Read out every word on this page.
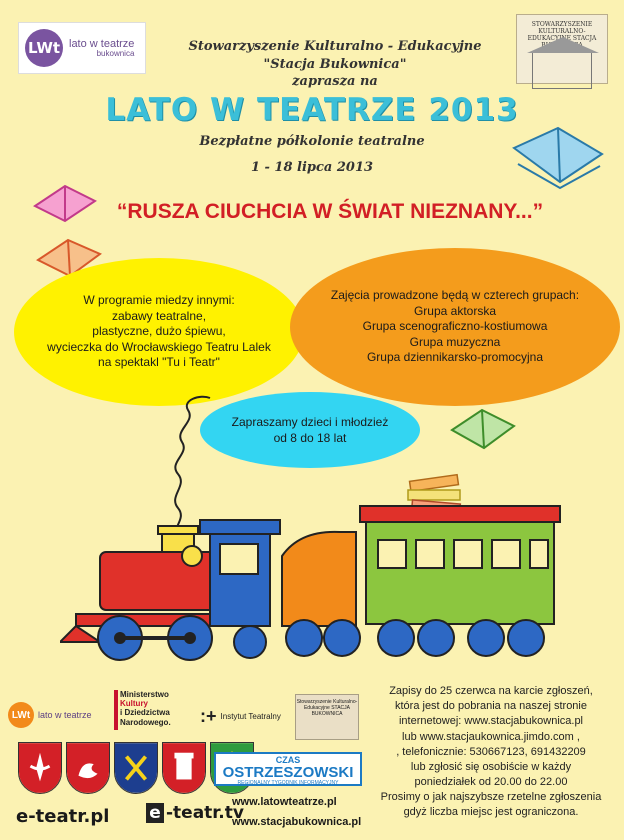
LWt lato w teatrze
bukownica
STOWARZYSZENIE KULTURALNO-EDUKACYJNE STACJA BUKOWNICA
Stowarzyszenie Kulturalno - Edukacyjne
"Stacja Bukownica"
zaprasza na
LATO W TEATRZE 2013
Bezpłatne półkolonie teatralne
1 - 18 lipca 2013
“RUSZA CIUCHCIA W ŚWIAT NIEZNANY...”
W programie miedzy innymi:
zabawy teatralne,
plastyczne, dużo śpiewu,
wycieczka do Wrocławskiego Teatru Lalek
na spektakl "Tu i Teatr"
Zajęcia prowadzone będą w czterech grupach:
Grupa aktorska
Grupa scenograficzno-kostiumowa
Grupa muzyczna
Grupa dziennikarsko-promocyjna
Zapraszamy dzieci i młodzież
od 8 do 18 lat
LWt lato w teatrze
Ministerstwo
Kultury
i Dziedzictwa
Narodowego.	:+ Instytut Teatralny
Stowarzyszenie Kulturalno-Edukacyjne STACJA BUKOWNICA
CZAS
OSTRZESZOWSKI
REGIONALNY TYGODNIK INFORMACYJNY
e-teatr.pl e -teatr.tv
www.latowteatrze.pl
www.stacjabukownica.pl
Zapisy do 25 czerwca na karcie zgłoszeń,
która jest do pobrania na naszej stronie
internetowej: www.stacjabukownica.pl
lub www.stacjaukownica.jimdo.com ,
, telefonicznie: 530667123, 691432209
lub zgłosić się osobiście w każdy
poniedziałek od 20.00 do 22.00
Prosimy o jak najszybsze rzetelne zgłoszenia
gdyż liczba miejsc jest ograniczona.
